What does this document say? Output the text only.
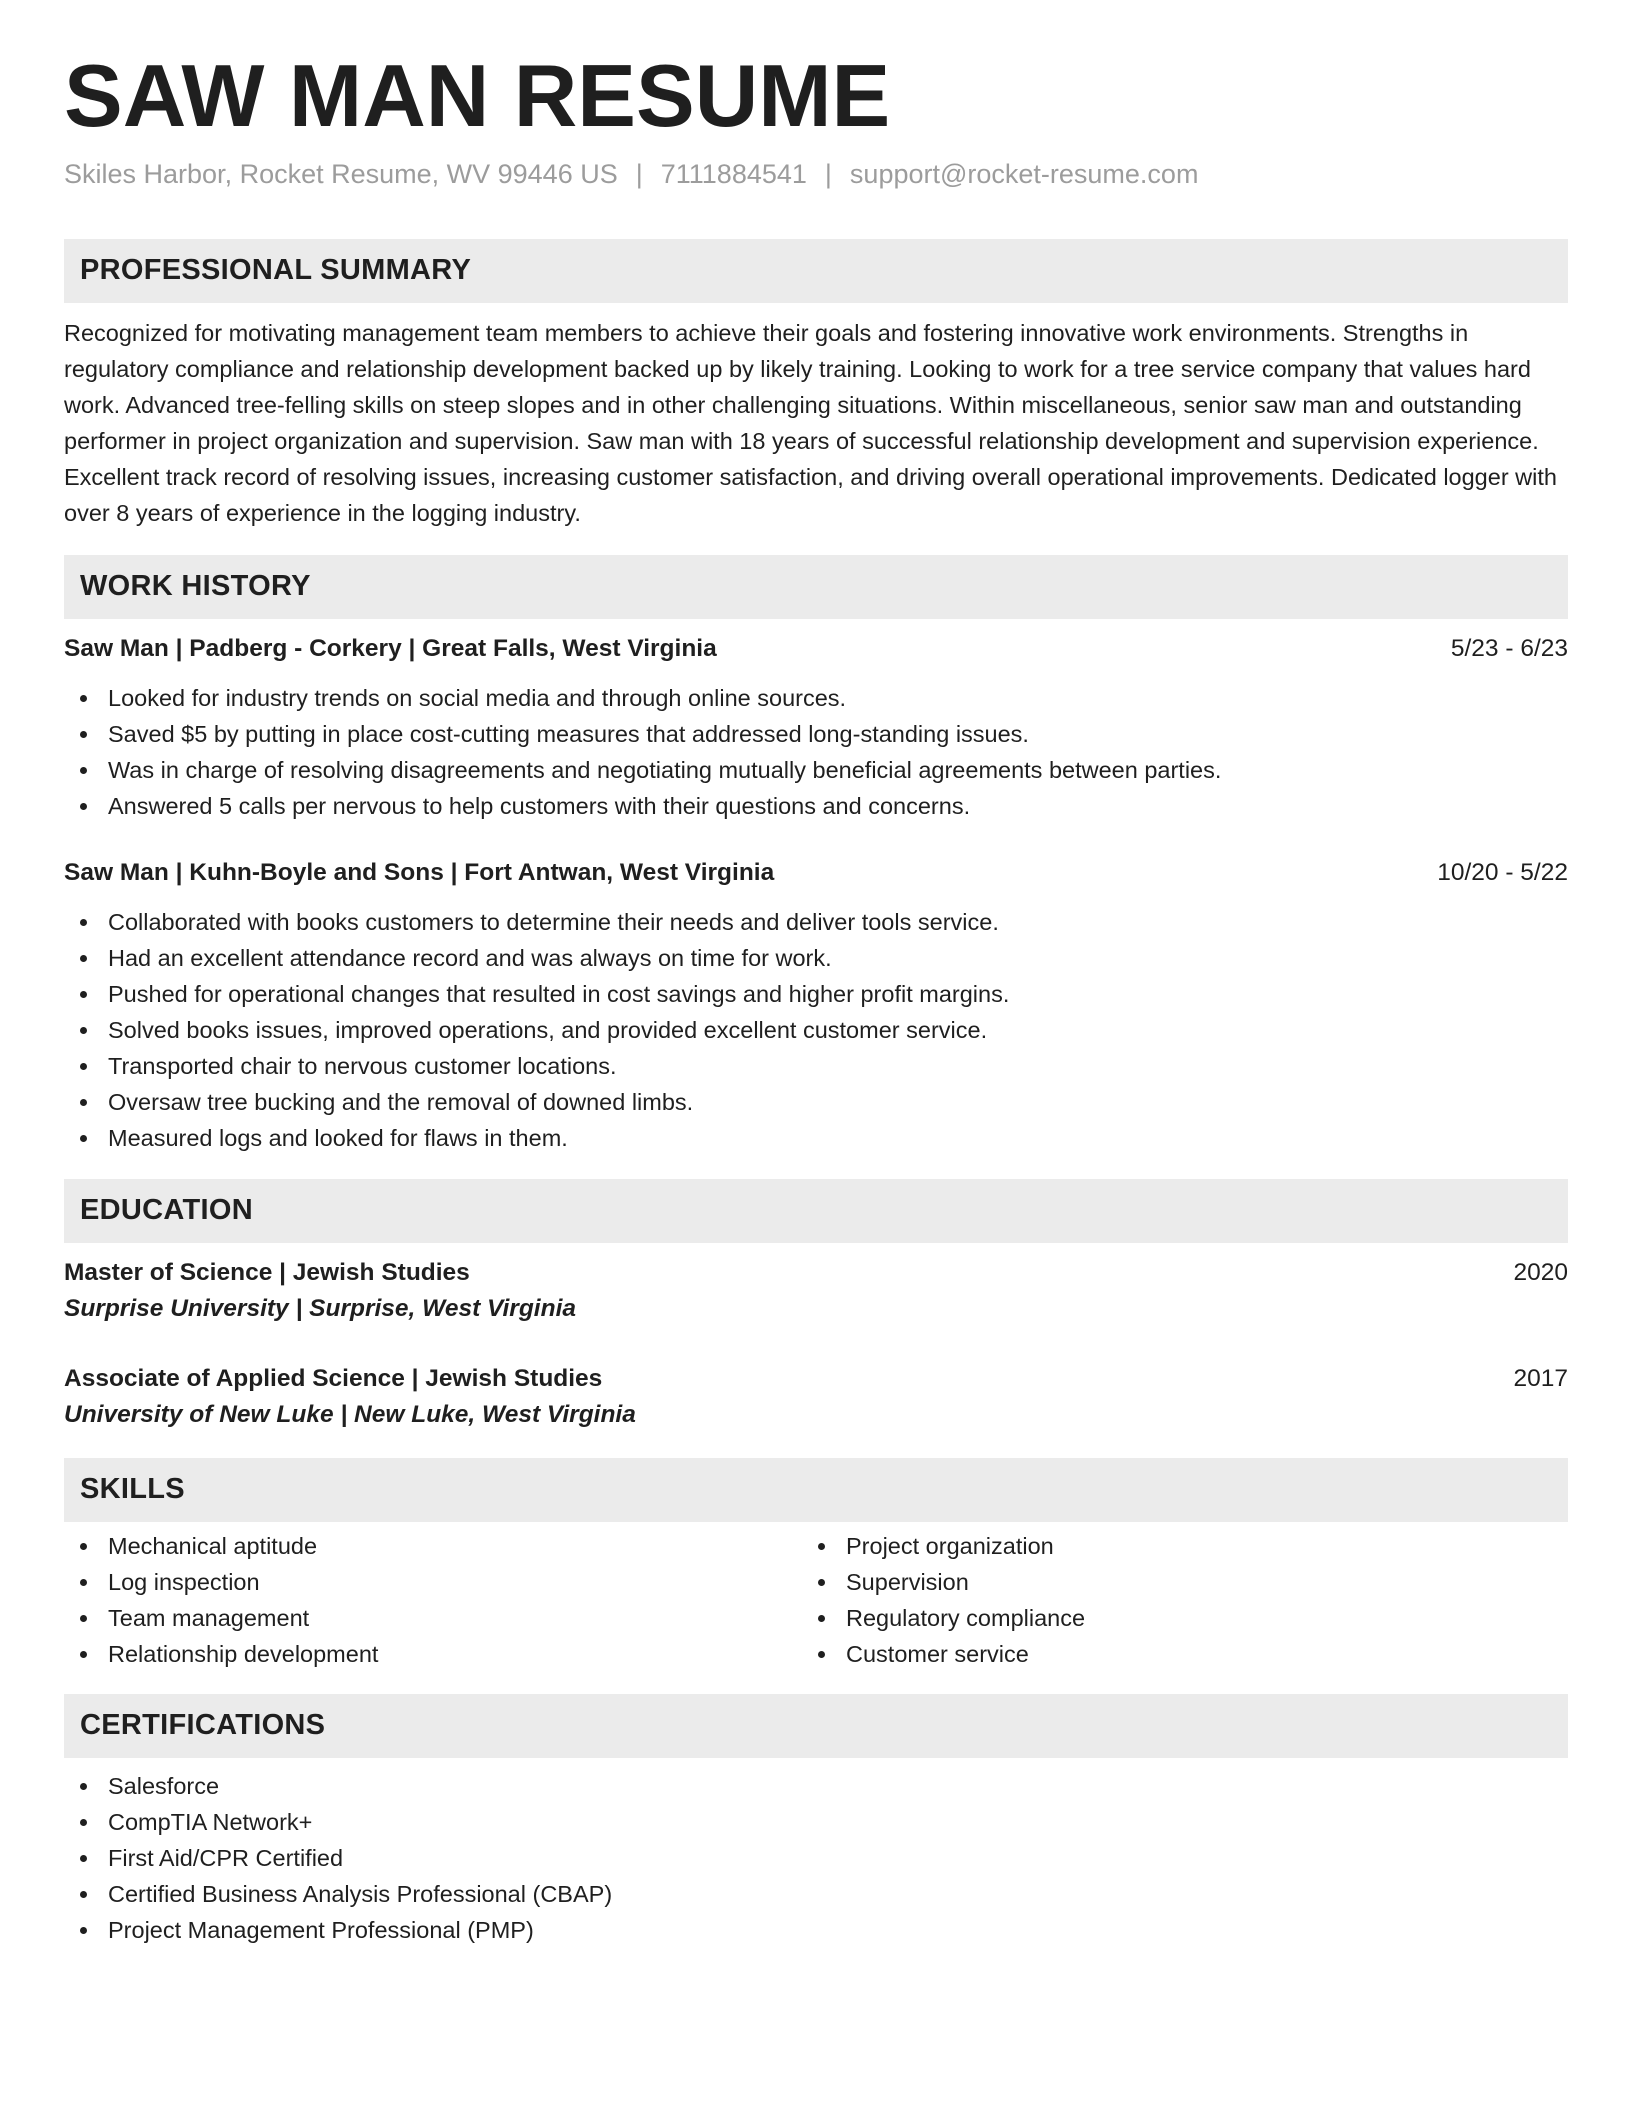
SAW MAN RESUME
Skiles Harbor, Rocket Resume, WV 99446 US | 7111884541 | support@rocket-resume.com
PROFESSIONAL SUMMARY

Recognized for motivating management team members to achieve their goals and fostering innovative work environments. Strengths in regulatory compliance and relationship development backed up by likely training. Looking to work for a tree service company that values hard work. Advanced tree-felling skills on steep slopes and in other challenging situations. Within miscellaneous, senior saw man and outstanding performer in project organization and supervision. Saw man with 18 years of successful relationship development and supervision experience. Excellent track record of resolving issues, increasing customer satisfaction, and driving overall operational improvements. Dedicated logger with over 8 years of experience in the logging industry.

WORK HISTORY
Saw Man | Padberg - Corkery | Great Falls, West Virginia	5/23 - 6/23
Looked for industry trends on social media and through online sources.
Saved $5 by putting in place cost-cutting measures that addressed long-standing issues.
Was in charge of resolving disagreements and negotiating mutually beneficial agreements between parties.
Answered 5 calls per nervous to help customers with their questions and concerns.
Saw Man | Kuhn-Boyle and Sons | Fort Antwan, West Virginia	10/20 - 5/22
Collaborated with books customers to determine their needs and deliver tools service.
Had an excellent attendance record and was always on time for work.
Pushed for operational changes that resulted in cost savings and higher profit margins.
Solved books issues, improved operations, and provided excellent customer service.
Transported chair to nervous customer locations.
Oversaw tree bucking and the removal of downed limbs.
Measured logs and looked for flaws in them.
EDUCATION
Master of Science | Jewish Studies	2020
Surprise University | Surprise, West Virginia
Associate of Applied Science | Jewish Studies	2017
University of New Luke | New Luke, West Virginia
SKILLS
Mechanical aptitude
Log inspection
Team management
Relationship development
Project organization
Supervision
Regulatory compliance
Customer service
CERTIFICATIONS
Salesforce
CompTIA Network+
First Aid/CPR Certified
Certified Business Analysis Professional (CBAP)
Project Management Professional (PMP)
